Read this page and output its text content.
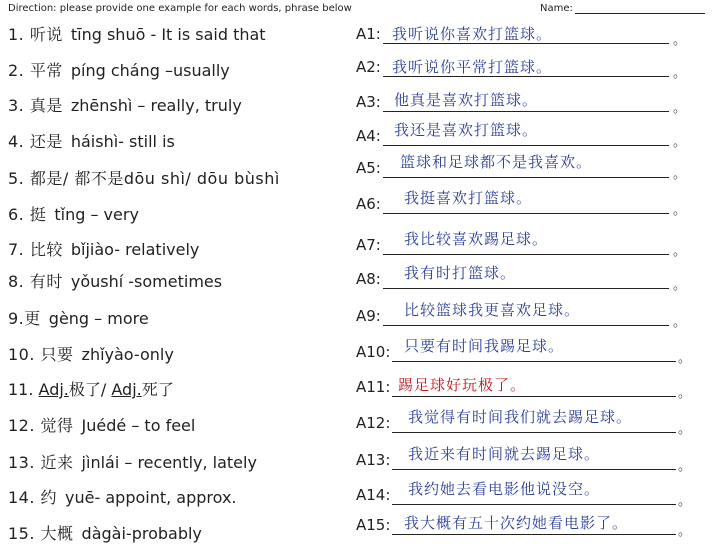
Direction: please provide one example for each words, phrase below	Name:
1. 听说 tīng shuō - It is said that
2. 平常 píng cháng –usually
3. 真是 zhēnshì – really, truly
4. 还是 háishì- still is
5. 都是/ 都不是dōu shì/ dōu bùshì
6. 挺 tǐng – very
7. 比较 bǐjiào- relatively
8. 有时 yǒushí -sometimes
9.更 gèng – more
10. 只要 zhǐyào-only
11. Adj.极了/ Adj.死了
12. 觉得 Juédé – to feel
13. 近来 jìnlái – recently, lately
14. 约 yuē- appoint, approx.
15. 大概 dàgài-probably
A1: 我听说你喜欢打篮球。	。
A2: 我听说你平常打篮球。	。
A3: 他真是喜欢打篮球。	。
A4: 我还是喜欢打篮球。
。
A5: 篮球和足球都不是我喜欢。
。
A6: 我挺喜欢打篮球。
。
A7: 我比较喜欢踢足球。
。
A8: 我有时打篮球。
。
A9: 比较篮球我更喜欢足球。
。
A10: 只要有时间我踢足球。
。
A11: 踢足球好玩极了。	。
A12: 我觉得有时间我们就去踢足球。
。
A13: 我近来有时间就去踢足球。
。
A14: 我约她去看电影他说没空。
。
A15: 我大概有五十次约她看电影了。	。
